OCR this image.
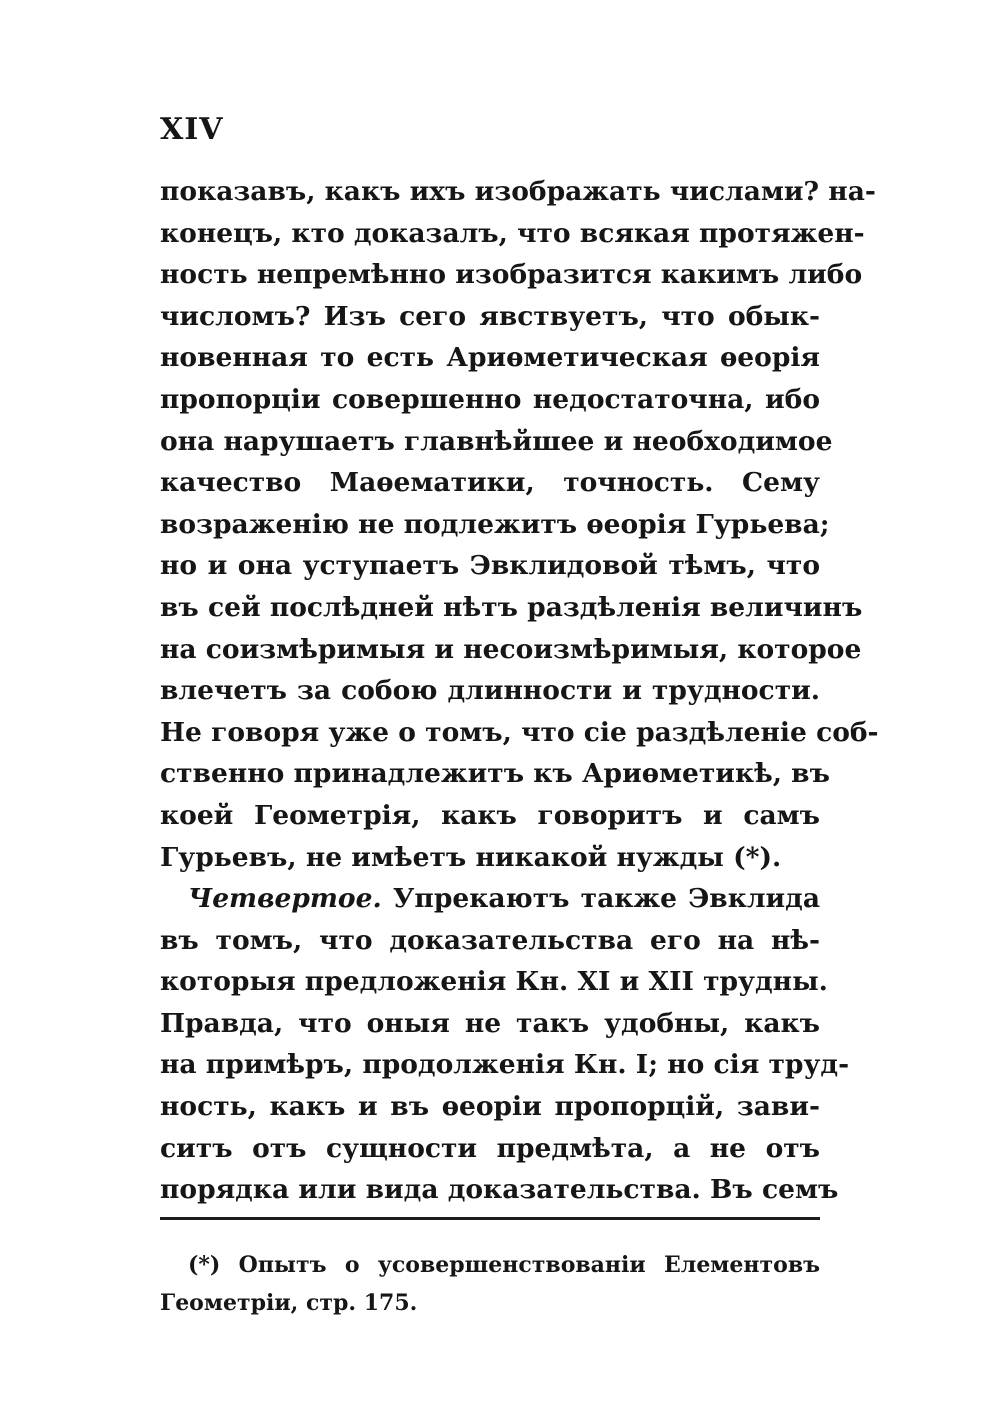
XIV
показавъ, какъ ихъ изображать числами? на-
конецъ, кто доказалъ, что всякая протяжен-
ность непремѣнно изобразится какимъ либо
числомъ? Изъ сего явствуетъ, что обык-
новенная то есть Ариѳметическая ѳеорія
пропорціи совершенно недостаточна, ибо
она нарушаетъ главнѣйшее и необходимое
качество Маѳематики, точность. Сему
возраженію не подлежитъ ѳеорія Гурьева;
но и она уступаетъ Эвклидовой тѣмъ, что
въ сей послѣдней нѣтъ раздѣленія величинъ
на соизмѣримыя и несоизмѣримыя, которое
влечетъ за собою длинности и трудности.
Не говоря уже о томъ, что сіе раздѣленіе соб-
ственно принадлежитъ къ Ариѳметикѣ, въ
коей Геометрія, какъ говоритъ и самъ
Гурьевъ, не имѣетъ никакой нужды (*).
Четвертое. Упрекаютъ также Эвклида
въ томъ, что доказательства его на нѣ-
которыя предложенія Кн. XI и XII трудны.
Правда, что оныя не такъ удобны, какъ
на примѣръ, продолженія Кн. I; но сія труд-
ность, какъ и въ ѳеоріи пропорцій, зави-
ситъ отъ сущности предмѣта, а не отъ
порядка или вида доказательства. Въ семъ
(*) Опытъ о усовершенствованіи Елементовъ
Геометріи, стр. 175.
